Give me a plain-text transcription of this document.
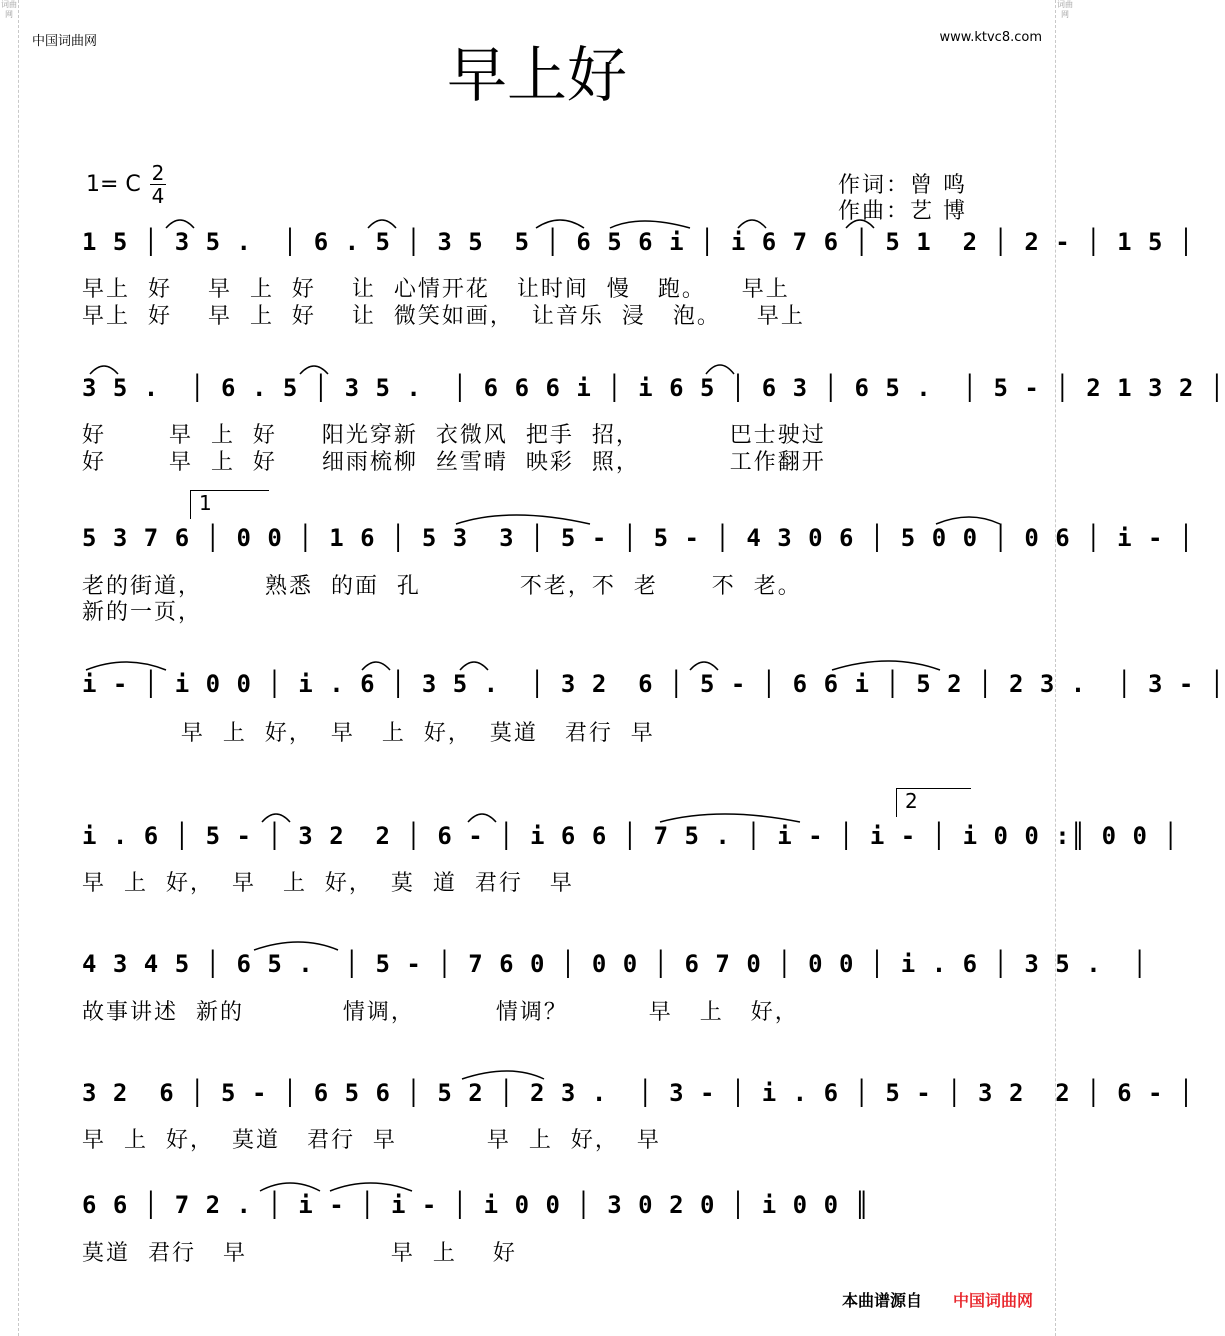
词曲网
词曲网
中国词曲网	www.ktvc8.com
早上好
1= C 2
4	作词：曾 鸣
作曲：艺 博
1
2
1 5 │ 3 5 .  │ 6 . 5 │ 3 5  5 │ 6 5 6 i │ i 6 7 6 │ 5 1  2 │ 2 - │ 1 5 │
早上  好    早  上  好    让  心情开花   让时间  慢   跑。    早上
早上  好    早  上  好    让  微笑如画，  让音乐  浸   泡。    早上
3 5 .  │ 6 . 5 │ 3 5 .  │ 6 6 6 i │ i 6 5 │ 6 3 │ 6 5 .  │ 5 - │ 2 1 3 2 │
好       早  上  好     阳光穿新  衣微风  把手  招，          巴士驶过
好       早  上  好     细雨梳柳  丝雪晴  映彩  照，          工作翻开
5 3 7 6 │ 0 0 │ 1 6 │ 5 3  3 │ 5 - │ 5 - │ 4 3 0 6 │ 5 0 0 │ 0 6 │ i - │
老的街道，       熟悉  的面  孔           不老，不  老      不  老。
新的一页，
i - │ i 0 0 │ i . 6 │ 3 5 .  │ 3 2  6 │ 5 - │ 6 6 i │ 5 2 │ 2 3 .  │ 3 - │
早  上  好，  早   上  好，  莫道   君行  早
i . 6 │ 5 - │ 3 2  2 │ 6 - │ i 6 6 │ 7 5 . │ i - │ i - │ i 0 0 :║ 0 0 │
早  上  好，  早   上  好，  莫  道  君行   早
4 3 4 5 │ 6 5 .  │ 5 - │ 7 6 0 │ 0 0 │ 6 7 0 │ 0 0 │ i . 6 │ 3 5 .  │
故事讲述  新的           情调，         情调？         早   上   好，
3 2  6 │ 5 - │ 6 5 6 │ 5 2 │ 2 3 .  │ 3 - │ i . 6 │ 5 - │ 3 2  2 │ 6 - │
早  上  好，  莫道   君行  早          早  上  好，  早
6 6 │ 7 2 . │ i - │ i - │ i 0 0 │ 3 0 2 0 │ i 0 0 ║
莫道  君行   早                早  上    好
本曲谱源自 中国词曲网
